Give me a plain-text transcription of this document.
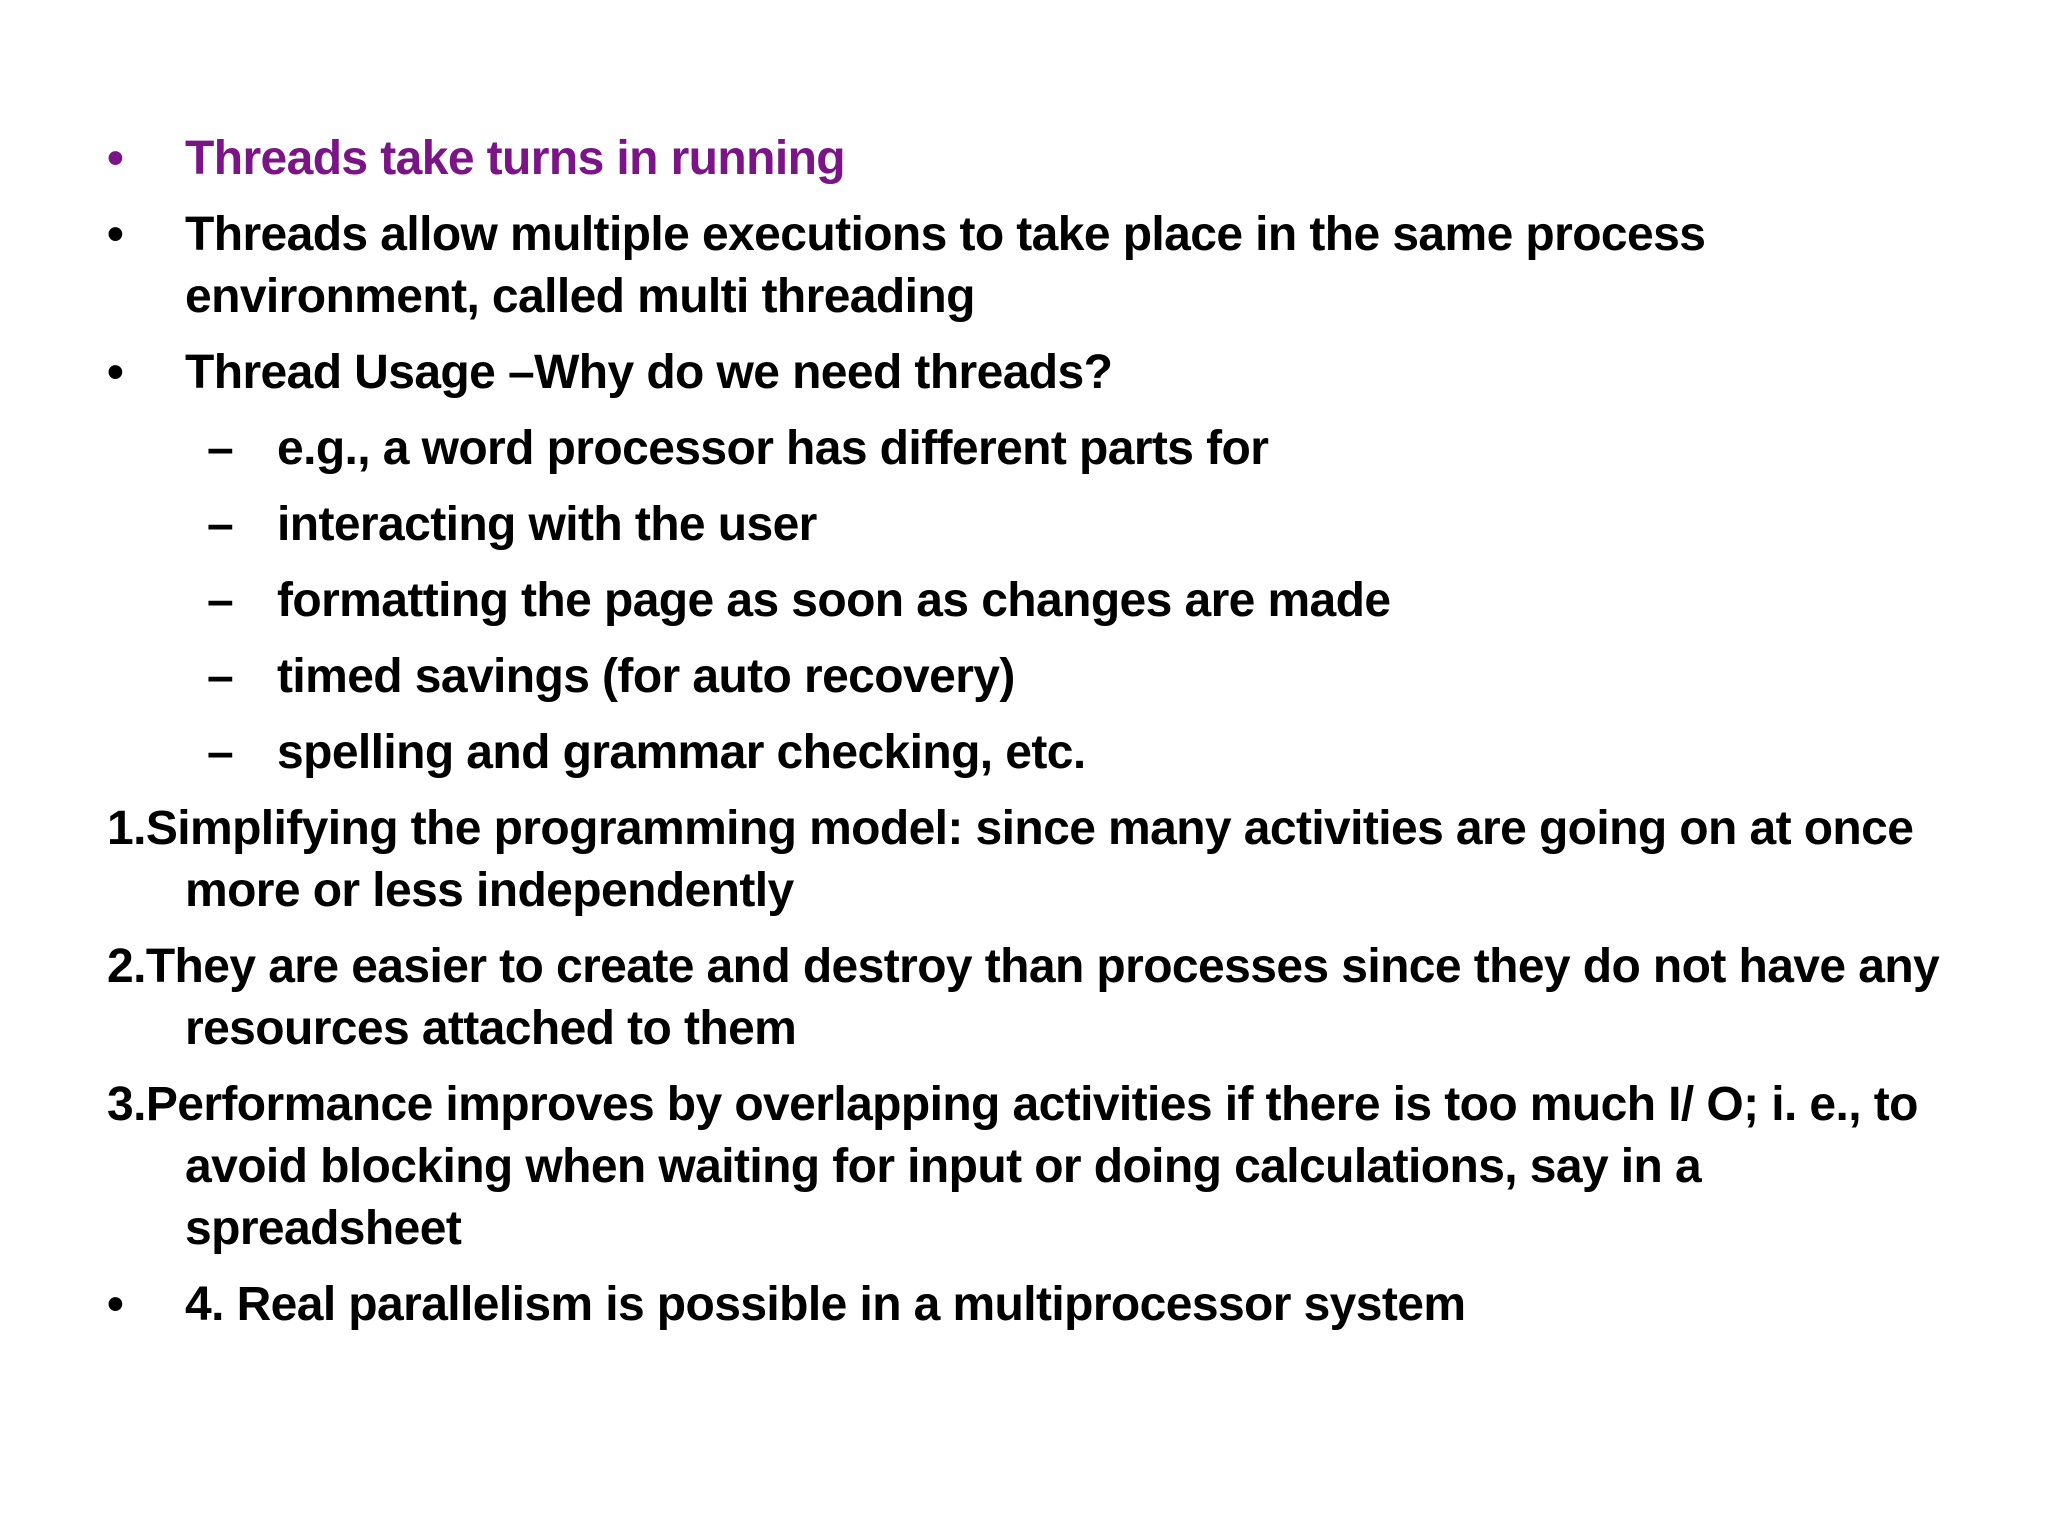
•	Threads take turns in running
•	Threads allow multiple executions to take place in the same process environment, called multi threading
•	Thread Usage –Why do we need threads?
– e.g., a word processor has different parts for
– interacting with the user
– formatting the page as soon as changes are made
– timed savings (for auto recovery)
– spelling and grammar checking, etc.
1.Simplifying the programming model: since many activities are going on at once more or less independently
2.They are easier to create and destroy than processes since they do not have any resources attached to them
3.Performance improves by overlapping activities if there is too much I/ O; i. e., to avoid blocking when waiting for input or doing calculations, say in a spreadsheet
•	4. Real parallelism is possible in a multiprocessor system
